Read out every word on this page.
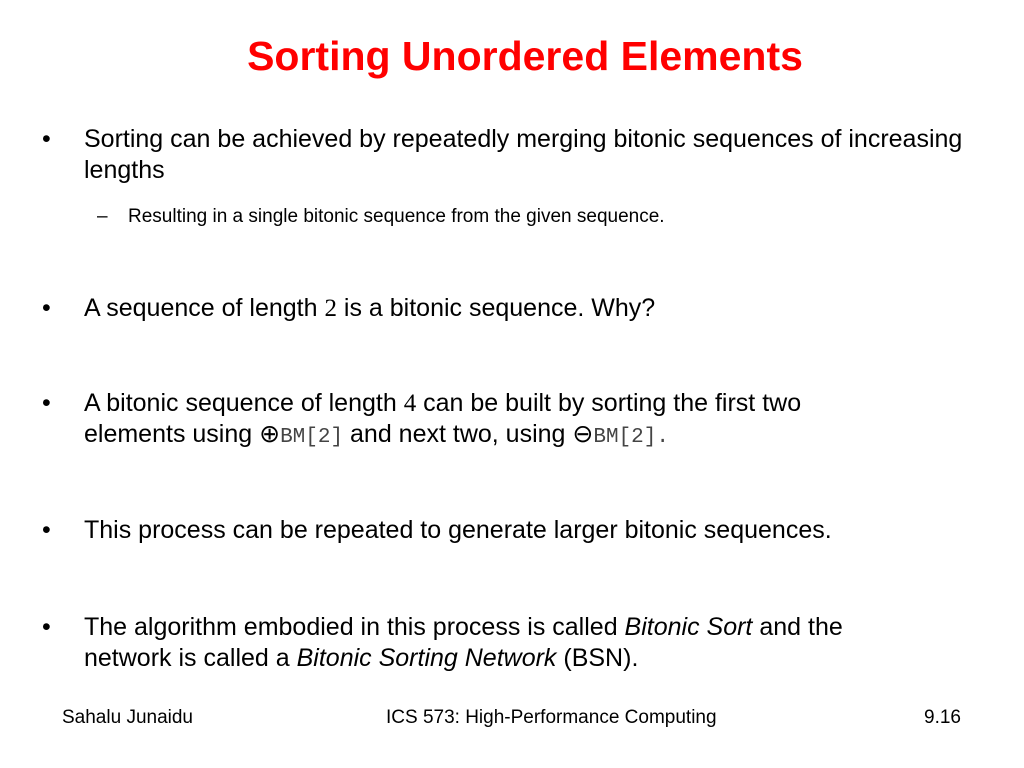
Sorting Unordered Elements
• Sorting can be achieved by repeatedly merging bitonic sequences of increasing lengths
– Resulting in a single bitonic sequence from the given sequence.
• A sequence of length 2 is a bitonic sequence. Why?
• A bitonic sequence of length 4 can be built by sorting the first two
elements using ⊕BM[2] and next two, using ⊖BM[2].
• This process can be repeated to generate larger bitonic sequences.
• The algorithm embodied in this process is called Bitonic Sort and the
network is called a Bitonic Sorting Network (BSN).
Sahalu Junaidu	ICS 573: High-Performance Computing	9.16
